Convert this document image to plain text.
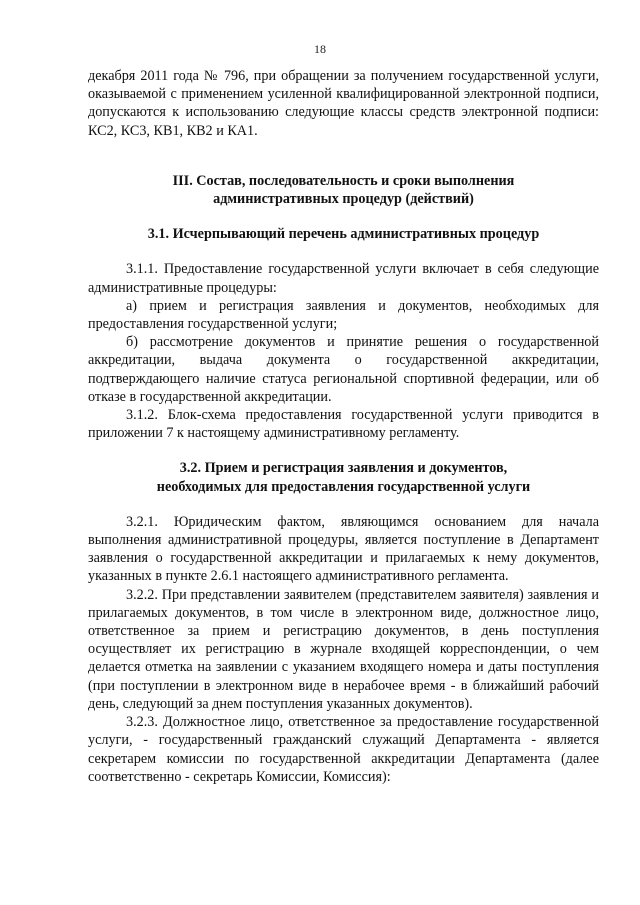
18

декабря 2011 года № 796, при обращении за получением государственной услуги, оказываемой с применением усиленной квалифицированной электронной подписи, допускаются к использованию следующие классы средств электронной подписи: КС2, КС3, КВ1, КВ2 и КА1.

III. Состав, последовательность и сроки выполнения
административных процедур (действий)
3.1. Исчерпывающий перечень административных процедур

3.1.1. Предоставление государственной услуги включает в себя следующие административные процедуры:

а) прием и регистрация заявления и документов, необходимых для предоставления государственной услуги;

б) рассмотрение документов и принятие решения о государственной аккредитации, выдача документа о государственной аккредитации, подтверждающего наличие статуса региональной спортивной федерации, или об отказе в государственной аккредитации.

3.1.2. Блок-схема предоставления государственной услуги приводится в приложении 7 к настоящему административному регламенту.

3.2. Прием и регистрация заявления и документов,
необходимых для предоставления государственной услуги

3.2.1. Юридическим фактом, являющимся основанием для начала выполнения административной процедуры, является поступление в Департамент заявления о государственной аккредитации и прилагаемых к нему документов, указанных в пункте 2.6.1 настоящего административного регламента.

3.2.2. При представлении заявителем (представителем заявителя) заявления и прилагаемых документов, в том числе в электронном виде, должностное лицо, ответственное за прием и регистрацию документов, в день поступления осуществляет их регистрацию в журнале входящей корреспонденции, о чем делается отметка на заявлении с указанием входящего номера и даты поступления (при поступлении в электронном виде в нерабочее время - в ближайший рабочий день, следующий за днем поступления указанных документов).

3.2.3. Должностное лицо, ответственное за предоставление государственной услуги, - государственный гражданский служащий Департамента - является секретарем комиссии по государственной аккредитации Департамента (далее соответственно - секретарь Комиссии, Комиссия):
